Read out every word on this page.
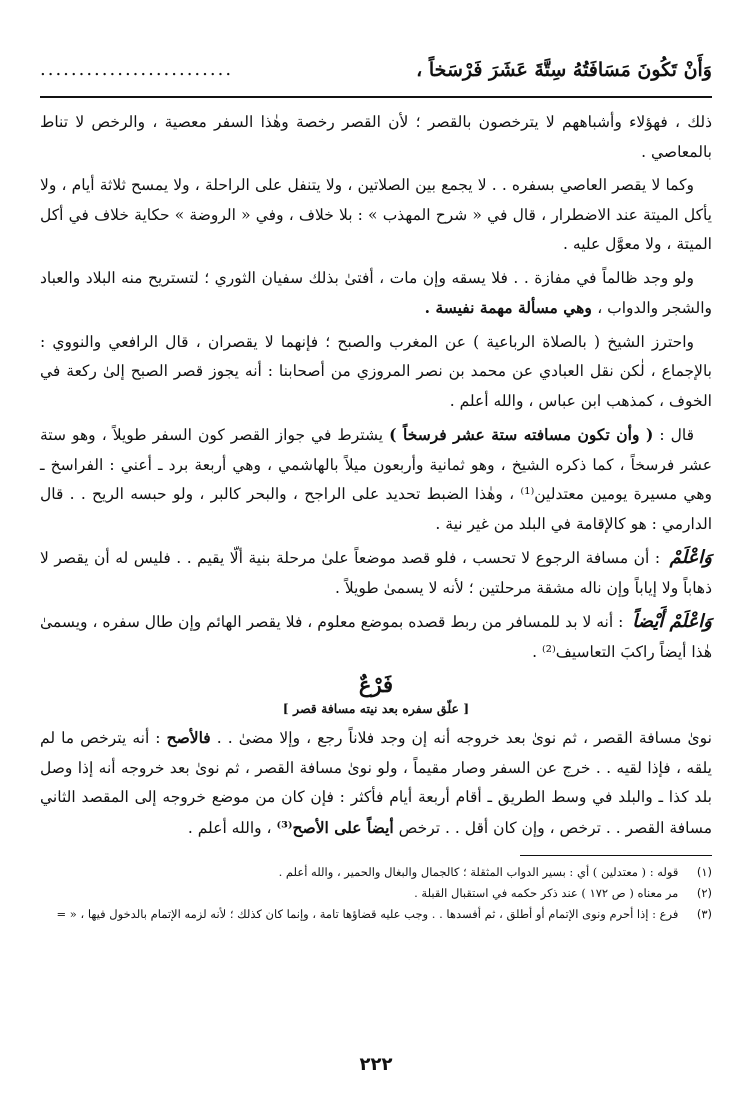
وَأَنْ تَكُونَ مَسَافَتُهُ سِتَّةَ عَشَرَ فَرْسَخاً ،
.........................

ذلك ، فهؤلاء وأشباههم لا يترخصون بالقصر ؛ لأن القصر رخصة وهٰذا السفر معصية ، والرخص لا تناط بالمعاصي .

وكما لا يقصر العاصي بسفره . . لا يجمع بين الصلاتين ، ولا يتنفل على الراحلة ، ولا يمسح ثلاثة أيام ، ولا يأكل الميتة عند الاضطرار ، قال في « شرح المهذب » : بلا خلاف ، وفي « الروضة » حكاية خلاف في أكل الميتة ، ولا معوَّل عليه .

ولو وجد ظالماً في مفازة . . فلا يسقه وإن مات ، أفتىٰ بذلك سفيان الثوري ؛ لتستريح منه البلاد والعباد والشجر والدواب ، وهي مسألة مهمة نفيسة .

واحترز الشيخ ( بالصلاة الرباعية ) عن المغرب والصبح ؛ فإنهما لا يقصران ، قال الرافعي والنووي : بالإجماع ، لٰكن نقل العبادي عن محمد بن نصر المروزي من أصحابنا : أنه يجوز قصر الصبح إلىٰ ركعة في الخوف ، كمذهب ابن عباس ، والله أعلم .

قال : ( وأن تكون مسافته ستة عشر فرسخاً ) يشترط في جواز القصر كون السفر طويلاً ، وهو ستة عشر فرسخاً ، كما ذكره الشيخ ، وهو ثمانية وأربعون ميلاً بالهاشمي ، وهي أربعة برد ـ أعني : الفراسخ ـ وهي مسيرة يومين معتدلين⁽¹⁾ ، وهٰذا الضبط تحديد على الراجح ، والبحر كالبر ، ولو حبسه الريح . . قال الدارمي : هو كالإقامة في البلد من غير نية .

وَاعْلَمْ : أن مسافة الرجوع لا تحسب ، فلو قصد موضعاً علىٰ مرحلة بنية ألّا يقيم . . فليس له أن يقصر لا ذهاباً ولا إياباً وإن ناله مشقة مرحلتين ؛ لأنه لا يسمىٰ طويلاً .

وَاعْلَمْ أَيْضاً : أنه لا بد للمسافر من ربط قصده بموضع معلوم ، فلا يقصر الهائم وإن طال سفره ، ويسمىٰ هٰذا أيضاً راكبَ التعاسيف⁽²⁾ .

فَرْعٌ
[ علّق سفره بعد نيته مسافة قصر ]

نوىٰ مسافة القصر ، ثم نوىٰ بعد خروجه أنه إن وجد فلاناً رجع ، وإلا مضىٰ . . فالأصح : أنه يترخص ما لم يلقه ، فإذا لقيه . . خرج عن السفر وصار مقيماً ، ولو نوىٰ مسافة القصر ، ثم نوىٰ بعد خروجه أنه إذا وصل بلد كذا ـ والبلد في وسط الطريق ـ أقام أربعة أيام فأكثر : فإن كان من موضع خروجه إلى المقصد الثاني مسافة القصر . . ترخص ، وإن كان أقل . . ترخص أيضاً على الأصح⁽³⁾ ، والله أعلم .

(١) قوله : ( معتدلين ) أي : بسير الدواب المثقلة ؛ كالجمال والبغال والحمير ، والله أعلم .
(٢) مر معناه ( ص ١٧٢ ) عند ذكر حكمه في استقبال القبلة .
(٣) فرع : إذا أحرم ونوى الإتمام أو أطلق ، ثم أفسدها . . وجب عليه قضاؤها تامة ، وإنما كان كذلك ؛ لأنه لزمه الإتمام بالدخول فيها ، « =
٢٢٢
